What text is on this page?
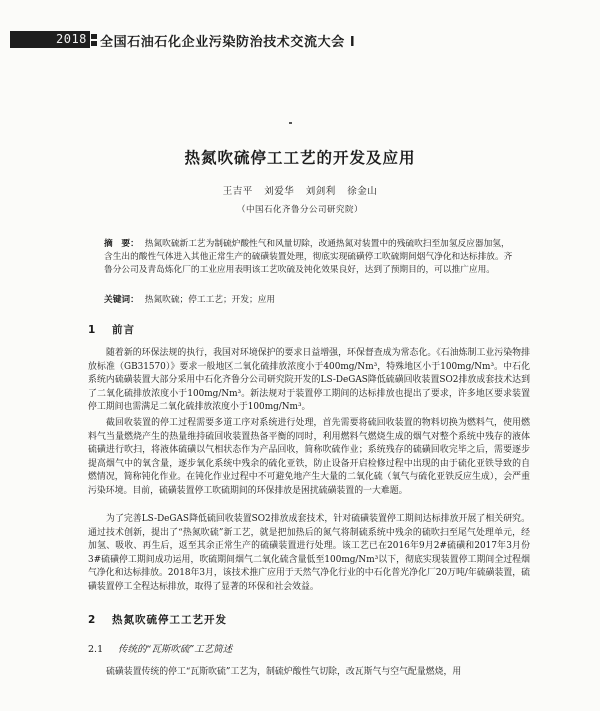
2018 全国石油石化企业污染防治技术交流大会 I
热氮吹硫停工工艺的开发及应用
王吉平 刘爱华 刘剑利 徐金山
（中国石化齐鲁分公司研究院）
摘　要： 热氮吹硫新工艺为制硫炉酸性气和风量切除，改通热氮对装置中的残硫吹扫至加氢反应器加氢，含生出的酸性气体进入其他正常生产的硫磺装置处理，彻底实现硫磺停工吹硫期间烟气净化和达标排放。齐鲁分公司及青岛炼化厂的工业应用表明该工艺吹硫及钝化效果良好，达到了预期目的，可以推广应用。
关键词： 热氮吹硫；停工工艺；开发；应用
1 前言

随着新的环保法规的执行，我国对环境保护的要求日益增强，环保督查成为常态化。《石油炼制工业污染物排放标准（GB31570）》要求一般地区二氧化硫排放浓度小于400mg/Nm³，特殊地区小于100mg/Nm³。中石化系统内硫磺装置大部分采用中石化齐鲁分公司研究院开发的LS-DeGAS降低硫磺回收装置SO2排放成套技术达到了二氧化硫排放浓度小于100mg/Nm³。新法规对于装置停工期间的达标排放也提出了要求，许多地区要求装置停工期间也需满足二氧化硫排放浓度小于100mg/Nm³。

截回收装置的停工过程需要多道工序对系统进行处理，首先需要将硫回收装置的物料切换为燃料气，使用燃料气当量燃烧产生的热量维持硫回收装置热备平衡的同时，利用燃料气燃烧生成的烟气对整个系统中残存的液体硫磺进行吹扫，将液体硫磺以气相状态作为产品回收，简称吹硫作业；系统残存的硫磺回收完毕之后，需要逐步提高烟气中的氧含量，逐步氧化系统中残余的硫化亚铁，防止设备开启检修过程中出现的由于硫化亚铁导致的自燃情况，简称钝化作业。在钝化作业过程中不可避免地产生大量的二氧化硫（氧气与硫化亚铁反应生成），会严重污染环境。目前，硫磺装置停工吹硫期间的环保排放是困扰硫磺装置的一大难题。

为了完善LS-DeGAS降低硫回收装置SO2排放成套技术，针对硫磺装置停工期间达标排放开展了相关研究。通过技术创新，提出了“热氮吹硫”新工艺，就是把加热后的氮气将制硫系统中残余的硫吹扫至尾气处理单元，经加氢、吸收、再生后，返至其余正常生产的硫磺装置进行处理。该工艺已在2016年9月2#硫磺和2017年3月份3#硫磺停工期间成功运用，吹硫期间烟气二氧化硫含量低至100mg/Nm³以下，彻底实现装置停工期间全过程烟气净化和达标排放。2018年3月，该技术推广应用于天然气净化行业的中石化普光净化厂20万吨/年硫磺装置，硫磺装置停工全程达标排放，取得了显著的环保和社会效益。

2 热氮吹硫停工工艺开发
2.1 传统的“瓦斯吹硫”工艺简述

硫磺装置传统的停工“瓦斯吹硫”工艺为，制硫炉酸性气切除，改瓦斯气与空气配量燃烧，用
